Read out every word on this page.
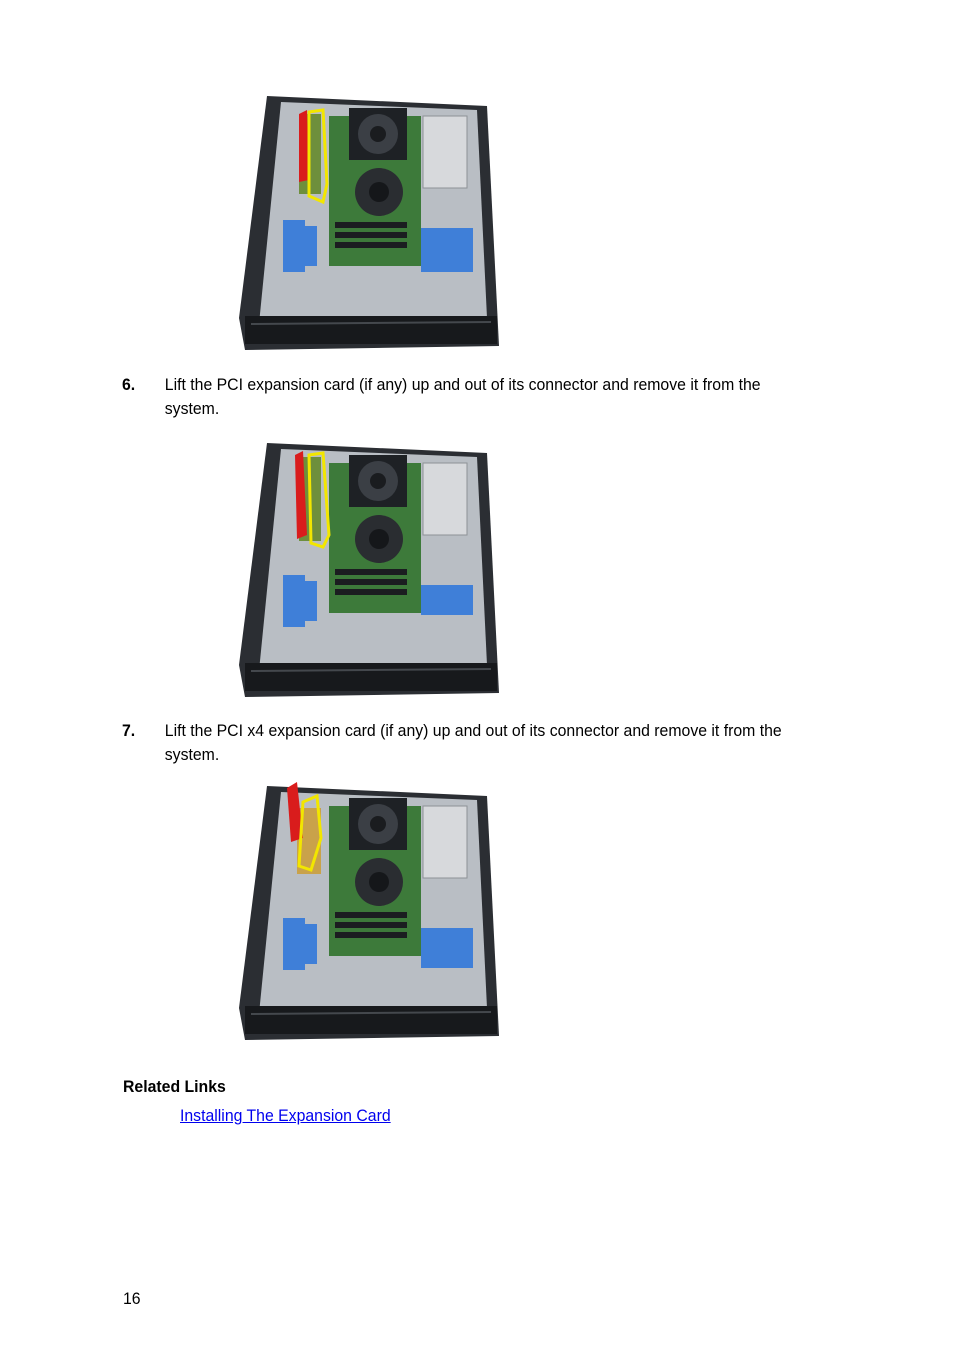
6. Lift the PCI expansion card (if any) up and out of its connector and remove it from the system.
7. Lift the PCI x4 expansion card (if any) up and out of its connector and remove it from the system.
Related Links
Installing The Expansion Card
16
